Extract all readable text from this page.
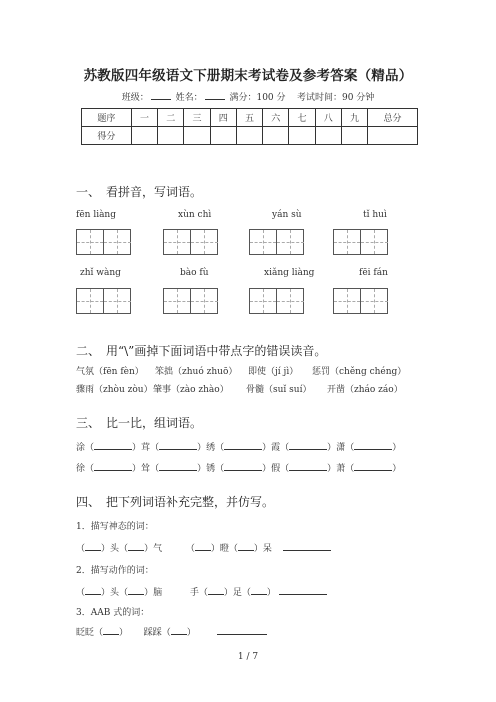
苏教版四年级语文下册期末考试卷及参考答案（精品）
班级：	姓名：	满分：100 分 考试时间：90 分钟
题序	一	二	三	四	五	六	七	八	九	总分
得分										
一、　看拼音，写词语。
fēn liàng	xùn chì	yán sù	tǐ huì
zhǐ wàng	bào fù	xiǎng liàng	fēi fán
二、　用“\”画掉下面词语中带点字的错误读音。
气氛（fēn fèn） 笨拙（zhuó zhuō） 即使（jí jì） 惩罚（chěng chéng）
骤雨（zhòu zòu） 肇事（zào zhào） 骨髓（suǐ suí） 开凿（zháo záo）
三、　比一比，组词语。
涂（	）茸（	）绣（	）霞（	）潇（	）
徐（	）耸（	）锈（	）假（	）萧（	）
四、　把下列词语补充完整，并仿写。
1．描写神态的词：
（ ）头（ ）气  （ ）瞪（ ）呆
2．描写动作的词：
（ ）头（ ）脑	手（ ）足（ ）
3．AAB 式的词：
眨眨（ ）  踩踩（ ）
1 / 7
